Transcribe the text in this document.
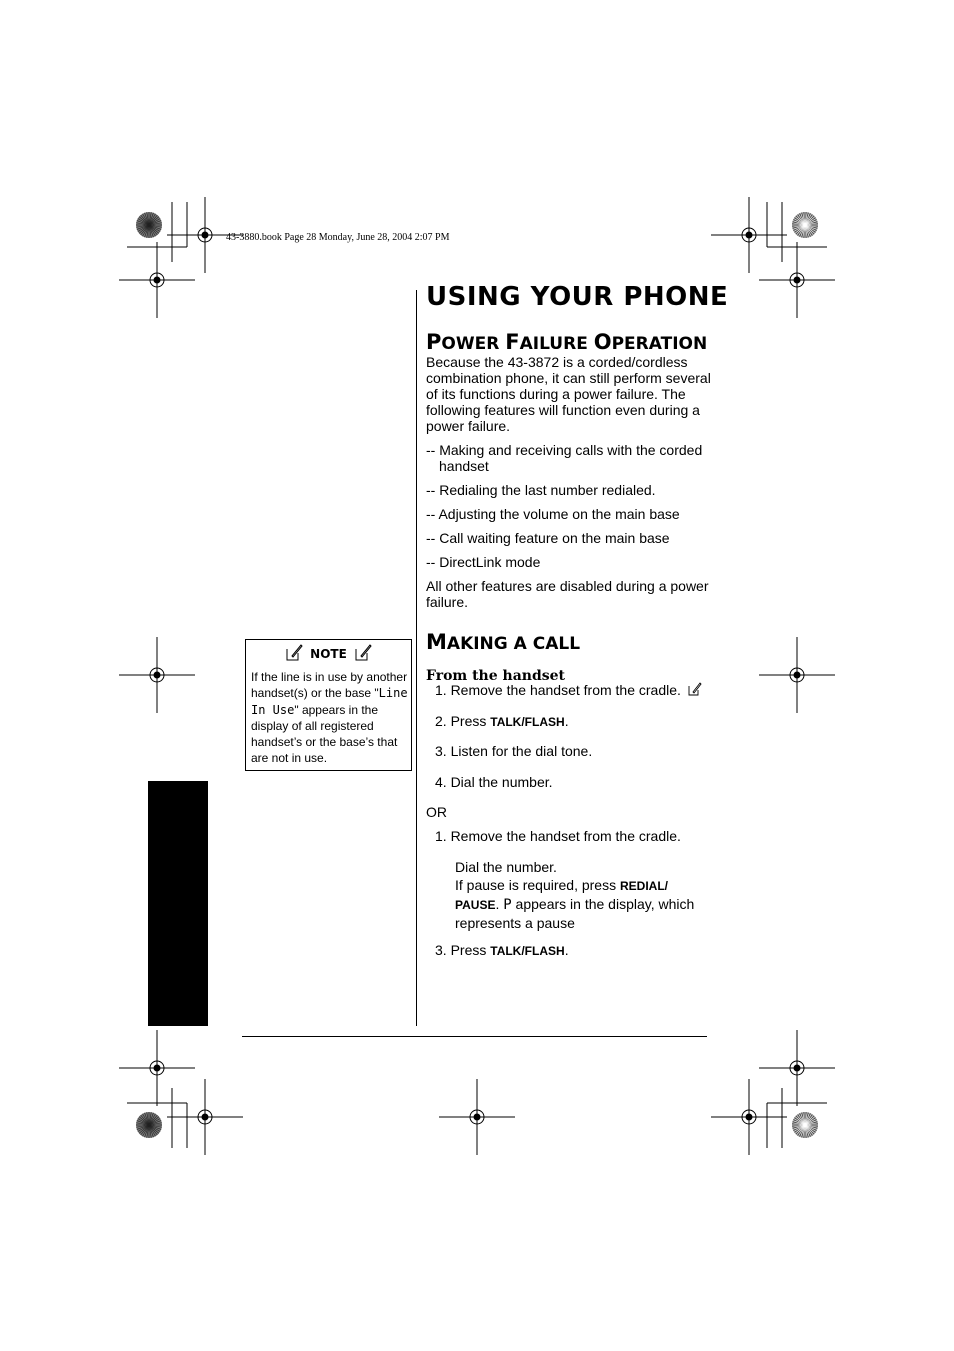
43-3880.book Page 28 Monday, June 28, 2004 2:07 PM
USING YOUR PHONE
POWER FAILURE OPERATION
Because the 43-3872 is a corded/cordless combination phone, it can still perform several of its functions during a power failure. The following features will function even during a power failure.
-- Making and receiving calls with the corded handset
-- Redialing the last number redialed.
-- Adjusting the volume on the main base
-- Call waiting feature on the main base
-- DirectLink mode
All other features are disabled during a power failure.
MAKING A CALL
From the handset
1. Remove the handset from the cradle.
2. Press TALK/FLASH.
3. Listen for the dial tone.
4. Dial the number.
OR
1. Remove the handset from the cradle.
Dial the number.
If pause is required, press REDIAL/
PAUSE. P appears in the display, which
represents a pause
3. Press TALK/FLASH.
NOTE
If the line is in use by another handset(s) or the base "Line In Use" appears in the display of all registered handset’s or the base’s that are not in use.
